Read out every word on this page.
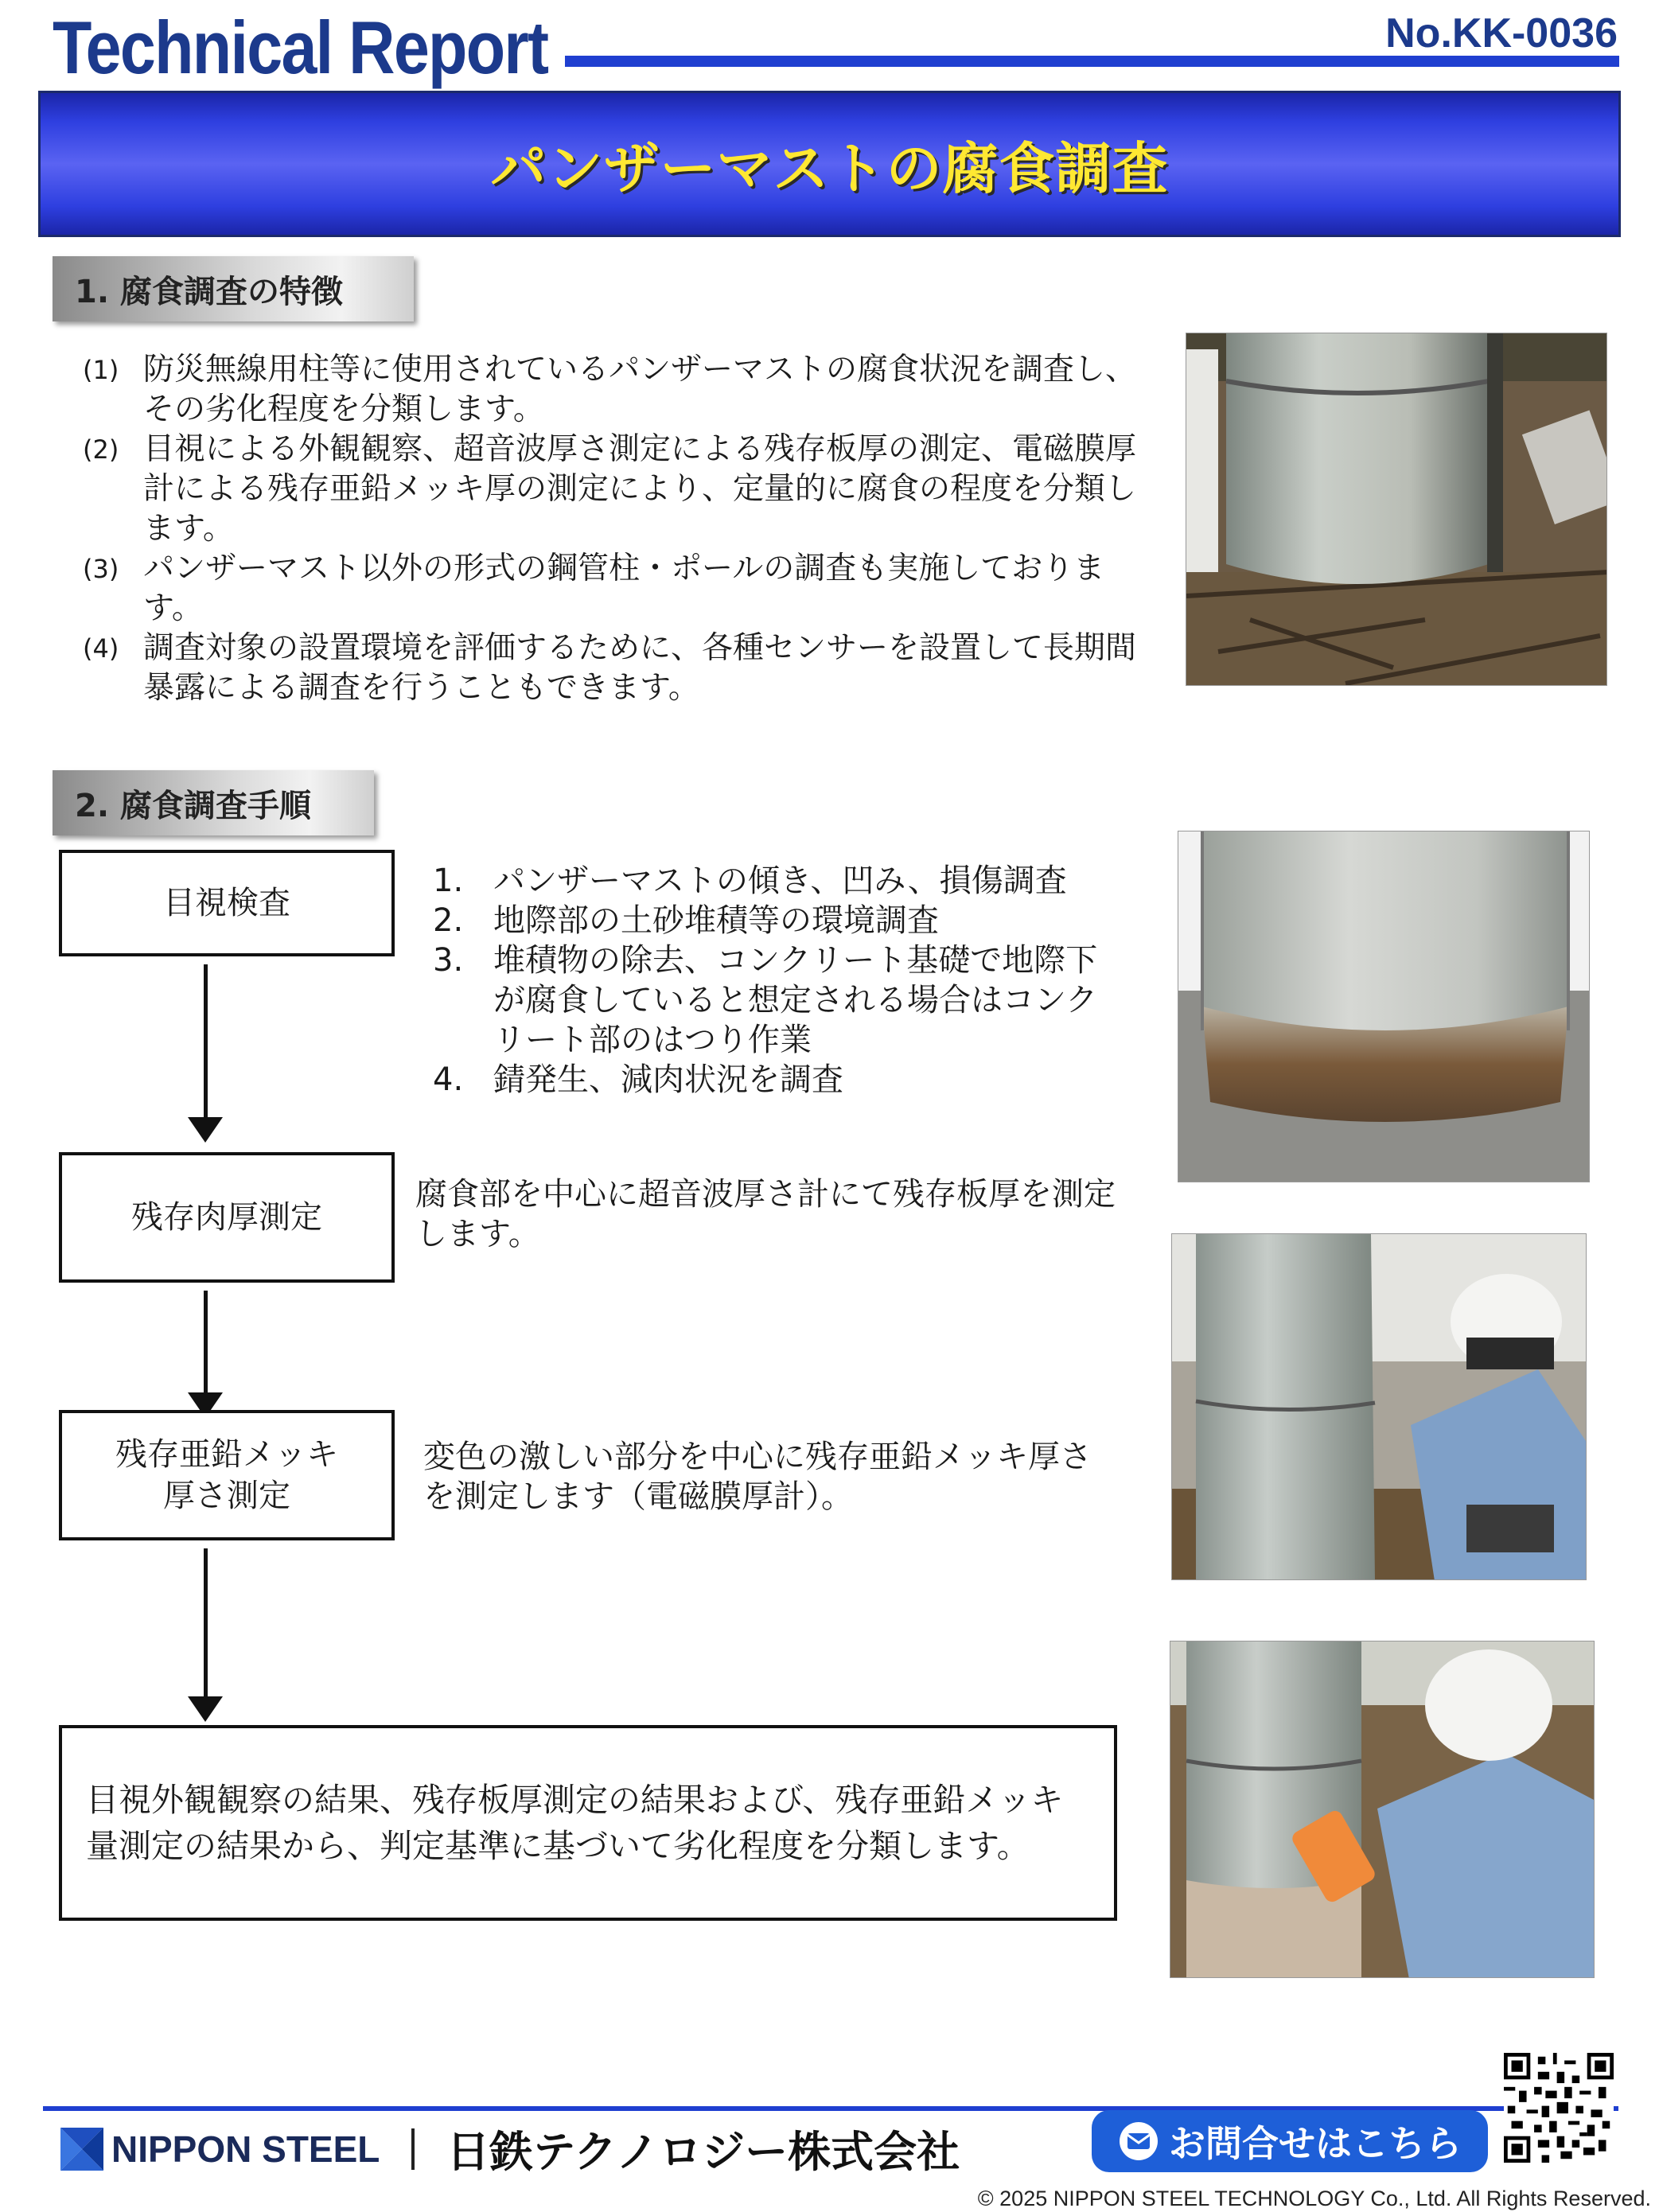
Technical Report	No.KK-0036
パンザーマストの腐食調査
1. 腐食調査の特徴
(1) 防災無線用柱等に使用されているパンザーマストの腐食状況を調査し、その劣化程度を分類します。
(2) 目視による外観観察、超音波厚さ測定による残存板厚の測定、電磁膜厚計による残存亜鉛メッキ厚の測定により、定量的に腐食の程度を分類します。
(3) パンザーマスト以外の形式の鋼管柱・ポールの調査も実施しております。
(4) 調査対象の設置環境を評価するために、各種センサーを設置して長期間暴露による調査を行うこともできます。
2. 腐食調査手順
目視検査
1. パンザーマストの傾き、凹み、損傷調査
2. 地際部の土砂堆積等の環境調査
3. 堆積物の除去、コンクリート基礎で地際下が腐食していると想定される場合はコンクリート部のはつり作業
4. 錆発生、減肉状況を調査
残存肉厚測定
腐食部を中心に超音波厚さ計にて残存板厚を測定します。
残存亜鉛メッキ
厚さ測定
変色の激しい部分を中心に残存亜鉛メッキ厚さを測定します（電磁膜厚計）。
目視外観観察の結果、残存板厚測定の結果および、残存亜鉛メッキ量測定の結果から、判定基準に基づいて劣化程度を分類します。
NIPPON STEEL 日鉄テクノロジー株式会社	お問合せはこちら
© 2025 NIPPON STEEL TECHNOLOGY Co., Ltd. All Rights Reserved.
